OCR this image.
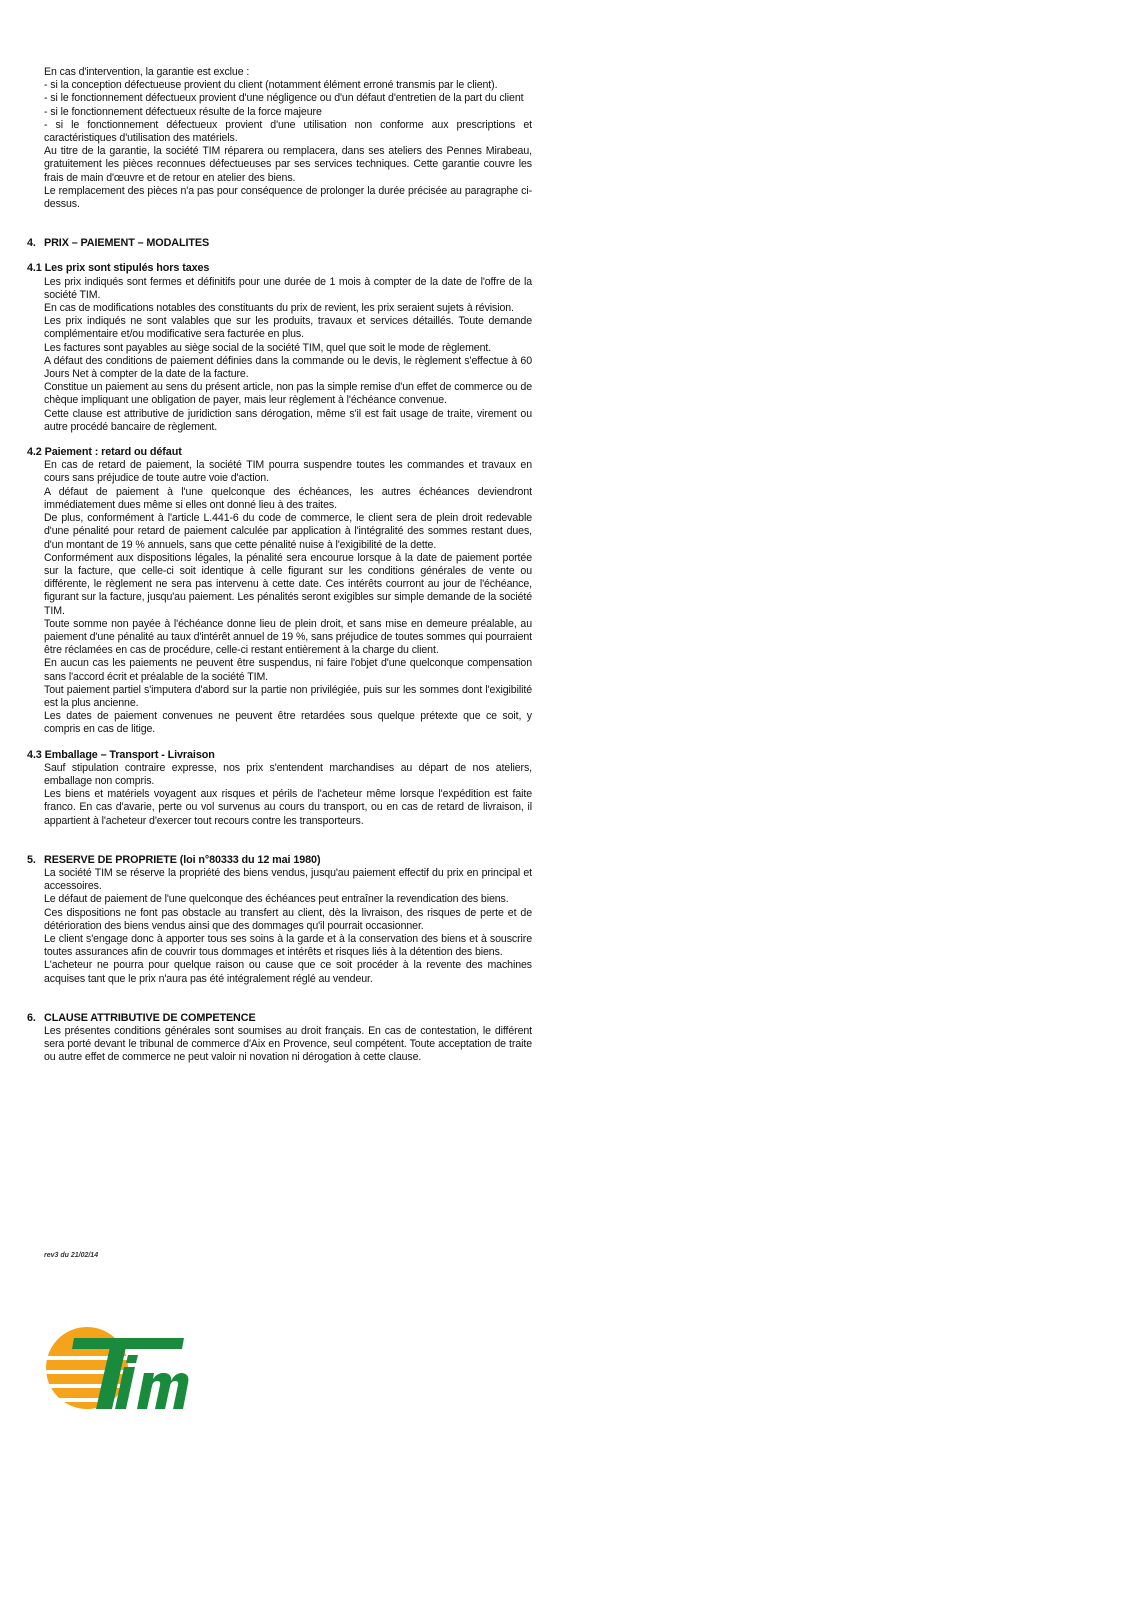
En cas d'intervention, la garantie est exclue :

- si la conception défectueuse provient du client (notamment élément erroné transmis par le client).

- si le fonctionnement défectueux provient d'une négligence ou d'un défaut d'entretien de la part du client

- si le fonctionnement défectueux résulte de la force majeure

- si le fonctionnement défectueux provient d'une utilisation non conforme aux prescriptions et caractéristiques d'utilisation des matériels.

Au titre de la garantie, la société TIM réparera ou remplacera, dans ses ateliers des Pennes Mirabeau, gratuitement les pièces reconnues défectueuses par ses services techniques. Cette garantie couvre les frais de main d'œuvre et de retour en atelier des biens.

Le remplacement des pièces n'a pas pour conséquence de prolonger la durée précisée au paragraphe ci-dessus.

4. PRIX – PAIEMENT – MODALITES

4.1 Les prix sont stipulés hors taxes

Les prix indiqués sont fermes et définitifs pour une durée de 1 mois à compter de la date de l'offre de la société TIM.

En cas de modifications notables des constituants du prix de revient, les prix seraient sujets à révision.

Les prix indiqués ne sont valables que sur les produits, travaux et services détaillés. Toute demande complémentaire et/ou modificative sera facturée en plus.

Les factures sont payables au siège social de la société TIM, quel que soit le mode de règlement.

A défaut des conditions de paiement définies dans la commande ou le devis, le règlement s'effectue à 60 Jours Net à compter de la date de la facture.

Constitue un paiement au sens du présent article, non pas la simple remise d'un effet de commerce ou de chèque impliquant une obligation de payer, mais leur règlement à l'échéance convenue.

Cette clause est attributive de juridiction sans dérogation, même s'il est fait usage de traite, virement ou autre procédé bancaire de règlement.

4.2 Paiement : retard ou défaut

En cas de retard de paiement, la société TIM pourra suspendre toutes les commandes et travaux en cours sans préjudice de toute autre voie d'action.

A défaut de paiement à l'une quelconque des échéances, les autres échéances deviendront immédiatement dues même si elles ont donné lieu à des traites.

De plus, conformément à l'article L.441-6 du code de commerce, le client sera de plein droit redevable d'une pénalité pour retard de paiement calculée par application à l'intégralité des sommes restant dues, d'un montant de 19 % annuels, sans que cette pénalité nuise à l'exigibilité de la dette.

Conformément aux dispositions légales, la pénalité sera encourue lorsque à la date de paiement portée sur la facture, que celle-ci soit identique à celle figurant sur les conditions générales de vente ou différente, le règlement ne sera pas intervenu à cette date. Ces intérêts courront au jour de l'échéance, figurant sur la facture, jusqu'au paiement. Les pénalités seront exigibles sur simple demande de la société TIM.

Toute somme non payée à l'échéance donne lieu de plein droit, et sans mise en demeure préalable, au paiement d'une pénalité au taux d'intérêt annuel de 19 %, sans préjudice de toutes sommes qui pourraient être réclamées en cas de procédure, celle-ci restant entièrement à la charge du client.

En aucun cas les paiements ne peuvent être suspendus, ni faire l'objet d'une quelconque compensation sans l'accord écrit et préalable de la société TIM.

Tout paiement partiel s'imputera d'abord sur la partie non privilégiée, puis sur les sommes dont l'exigibilité est la plus ancienne.

Les dates de paiement convenues ne peuvent être retardées sous quelque prétexte que ce soit, y compris en cas de litige.

4.3 Emballage – Transport - Livraison

Sauf stipulation contraire expresse, nos prix s'entendent marchandises au départ de nos ateliers, emballage non compris.

Les biens et matériels voyagent aux risques et périls de l'acheteur même lorsque l'expédition est faite franco. En cas d'avarie, perte ou vol survenus au cours du transport, ou en cas de retard de livraison, il appartient à l'acheteur d'exercer tout recours contre les transporteurs.

5. RESERVE DE PROPRIETE (loi n°80333 du 12 mai 1980)

La société TIM se réserve la propriété des biens vendus, jusqu'au paiement effectif du prix en principal et accessoires.

Le défaut de paiement de l'une quelconque des échéances peut entraîner la revendication des biens.

Ces dispositions ne font pas obstacle au transfert au client, dès la livraison, des risques de perte et de détérioration des biens vendus ainsi que des dommages qu'il pourrait occasionner.

Le client s'engage donc à apporter tous ses soins à la garde et à la conservation des biens et à souscrire toutes assurances afin de couvrir tous dommages et intérêts et risques liés à la détention des biens.

L'acheteur ne pourra pour quelque raison ou cause que ce soit procéder à la revente des machines acquises tant que le prix n'aura pas été intégralement réglé au vendeur.

6. CLAUSE ATTRIBUTIVE DE COMPETENCE

Les présentes conditions générales sont soumises au droit français. En cas de contestation, le différent sera porté devant le tribunal de commerce d'Aix en Provence, seul compétent. Toute acceptation de traite ou autre effet de commerce ne peut valoir ni novation ni dérogation à cette clause.

rev3 du 21/02/14
